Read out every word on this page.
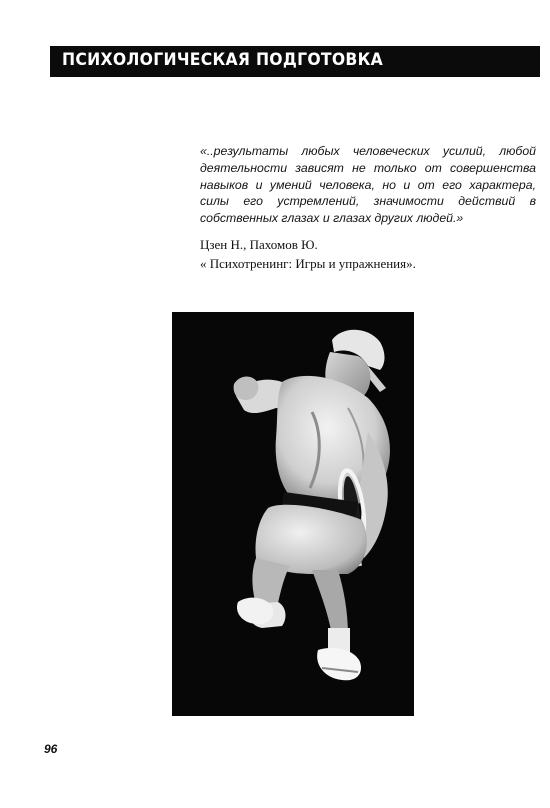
ПСИХОЛОГИЧЕСКАЯ ПОДГОТОВКА
«..результаты любых человеческих усилий, любой
деятельности зависят не только от совершенства
навыков и умений человека, но и от его характера,
силы его устремлений, значимости действий в
собственных глазах и глазах других людей.»
Цзен Н., Пахомов Ю.
« Психотренинг: Игры и упражнения».
96
